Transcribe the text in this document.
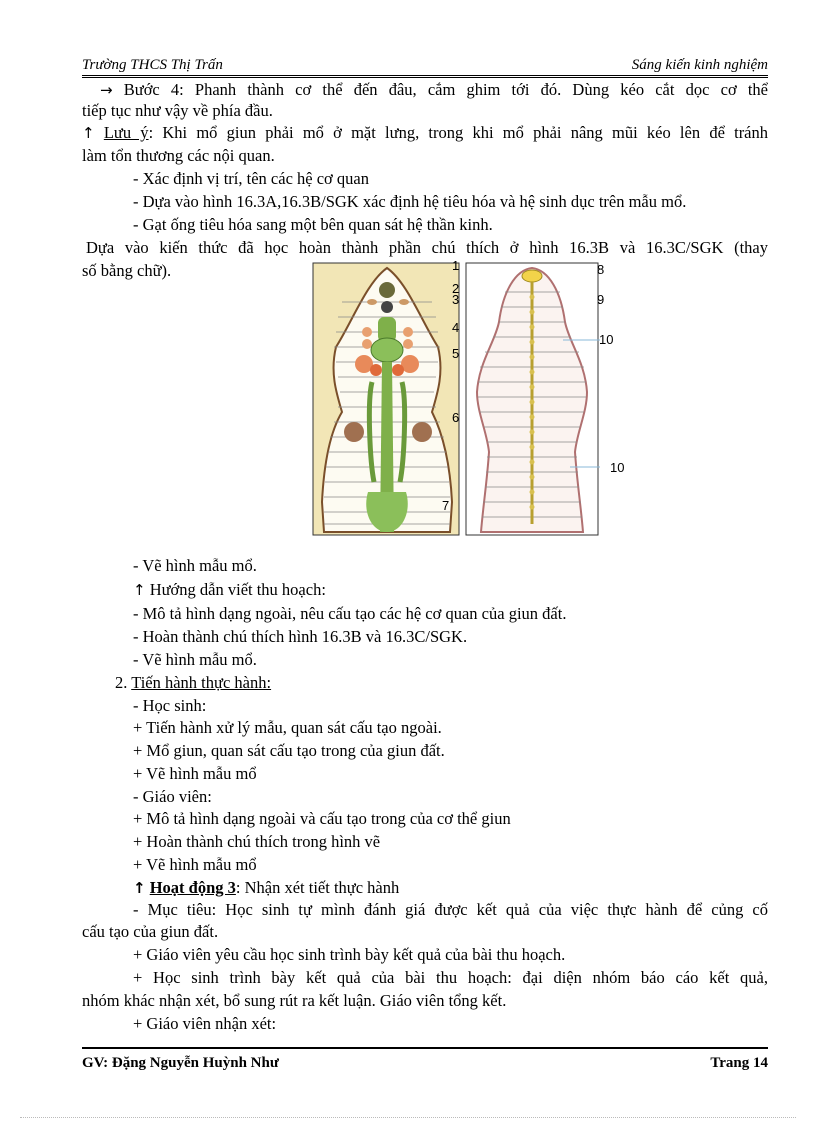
Trường THCS Thị Trấn	Sáng kiến kinh nghiệm
→ Bước 4: Phanh thành cơ thể đến đâu, cắm ghim tới đó. Dùng kéo cắt dọc cơ thể
tiếp tục như vậy về phía đầu.
↑ Lưu ý: Khi mổ giun phải mổ ở mặt lưng, trong khi mổ phải nâng mũi kéo lên để tránh
làm tổn thương các nội quan.
- Xác định vị trí, tên các hệ cơ quan
- Dựa vào hình 16.3A,16.3B/SGK xác định hệ tiêu hóa và hệ sinh dục trên mẫu mổ.
- Gạt ống tiêu hóa sang một bên quan sát hệ thần kinh.
Dựa vào kiến thức đã học hoàn thành phần chú thích ở hình 16.3B và 16.3C/SGK (thay
số bằng chữ).	1
2
3
4
5
6
7
8
9
10
10
- Vẽ hình mẫu mổ.
↑ Hướng dẫn viết thu hoạch:
- Mô tả hình dạng ngoài, nêu cấu tạo các hệ cơ quan của giun đất.
- Hoàn thành chú thích hình 16.3B và 16.3C/SGK.
- Vẽ hình mẫu mổ.
2. Tiến hành thực hành:
- Học sinh:
+ Tiến hành xử lý mẫu, quan sát cấu tạo ngoài.
+ Mổ giun, quan sát cấu tạo trong của giun đất.
+ Vẽ hình mẫu mổ
- Giáo viên:
+ Mô tả hình dạng ngoài và cấu tạo trong của cơ thể giun
+ Hoàn thành chú thích trong hình vẽ
+ Vẽ hình mẫu mổ
↑ Hoạt động 3: Nhận xét tiết thực hành
- Mục tiêu: Học sinh tự mình đánh giá được kết quả của việc thực hành để củng cố
cấu tạo của giun đất.
+ Giáo viên yêu cầu học sinh trình bày kết quả của bài thu hoạch.
+ Học sinh trình bày kết quả của bài thu hoạch: đại diện nhóm báo cáo kết quả,
nhóm khác nhận xét, bổ sung rút ra kết luận. Giáo viên tổng kết.
+ Giáo viên nhận xét:
GV: Đặng Nguyễn Huỳnh Như	Trang 14
